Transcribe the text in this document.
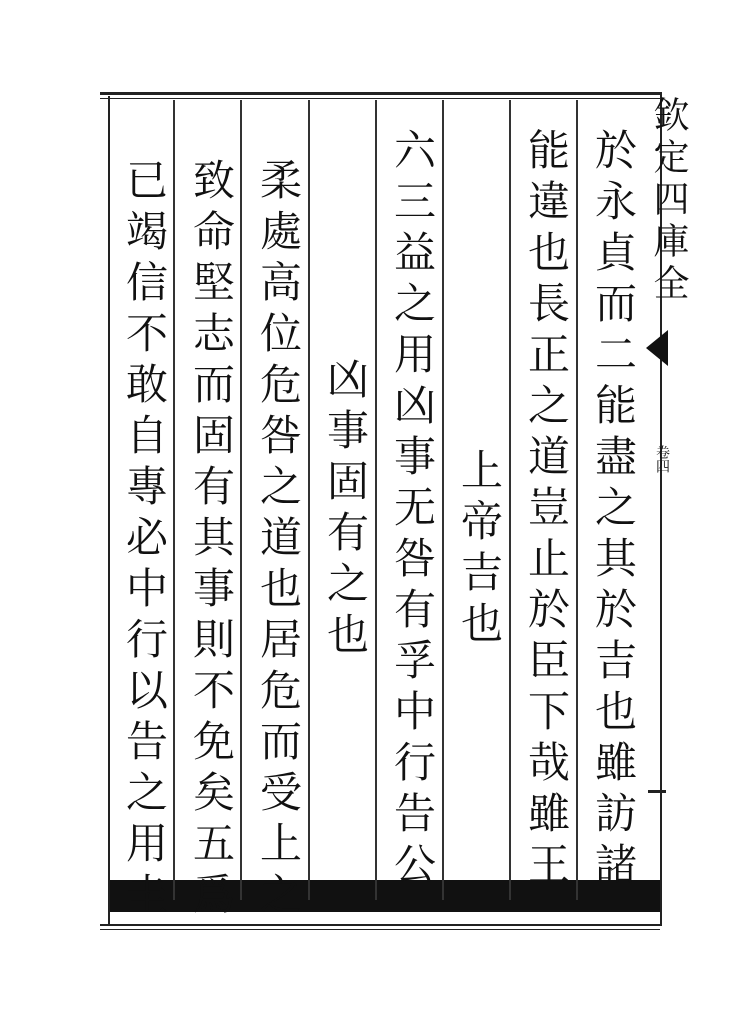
於永貞而二能盡之其於吉也雖訪諸
能違也長正之道豈止於臣下哉雖王
上帝吉也
六三益之用凶事无咎有孚中行告公
凶事固有之也
柔處高位危咎之道也居危而受上之
致命堅志而固有其事則不免矣五爲
已竭信不敢自專必中行以告之用圭
欽定四庫全
卷四
